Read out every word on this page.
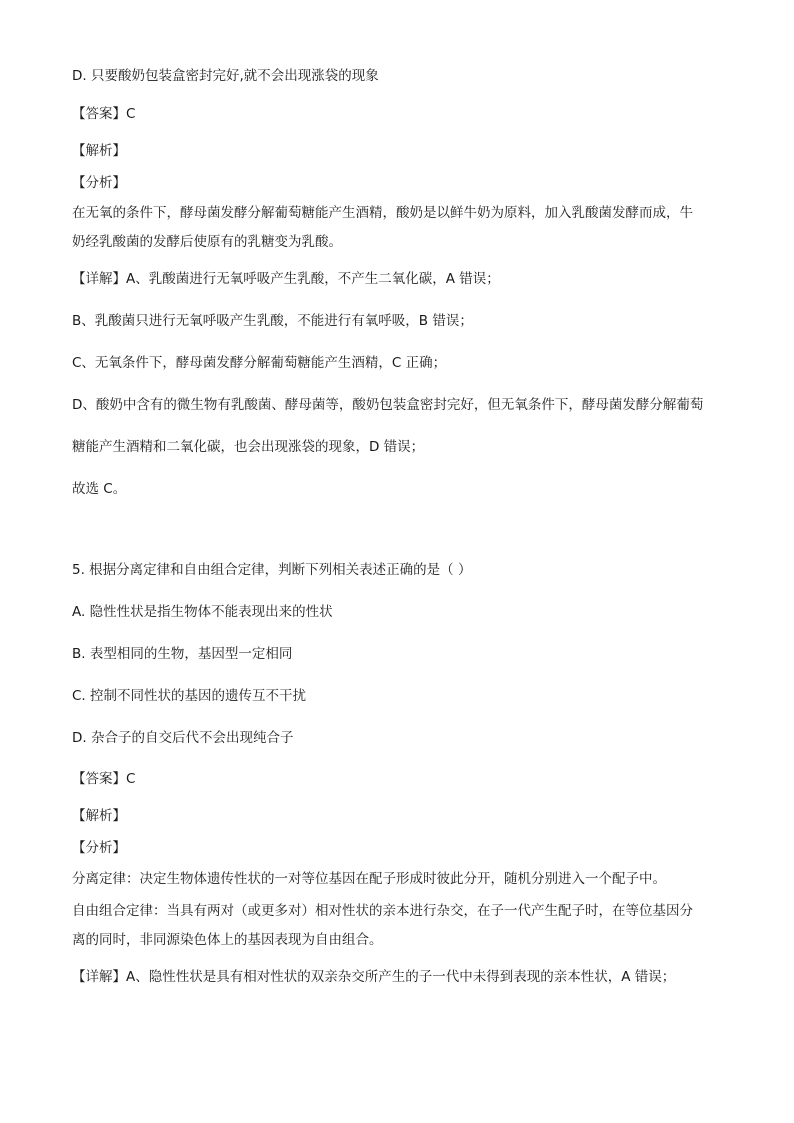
D. 只要酸奶包装盒密封完好,就不会出现涨袋的现象
【答案】C
【解析】
【分析】
在无氧的条件下，酵母菌发酵分解葡萄糖能产生酒精，酸奶是以鲜牛奶为原料，加入乳酸菌发酵而成，牛
奶经乳酸菌的发酵后使原有的乳糖变为乳酸。
【详解】A、乳酸菌进行无氧呼吸产生乳酸，不产生二氧化碳，A 错误；
B、乳酸菌只进行无氧呼吸产生乳酸，不能进行有氧呼吸，B 错误；
C、无氧条件下，酵母菌发酵分解葡萄糖能产生酒精，C 正确；
D、酸奶中含有的微生物有乳酸菌、酵母菌等，酸奶包装盒密封完好，但无氧条件下，酵母菌发酵分解葡萄
糖能产生酒精和二氧化碳，也会出现涨袋的现象，D 错误；
故选 C。
5. 根据分离定律和自由组合定律，判断下列相关表述正确的是（ ）
A. 隐性性状是指生物体不能表现出来的性状
B. 表型相同的生物，基因型一定相同
C. 控制不同性状的基因的遗传互不干扰
D. 杂合子的自交后代不会出现纯合子
【答案】C
【解析】
【分析】
分离定律：决定生物体遗传性状的一对等位基因在配子形成时彼此分开，随机分别进入一个配子中。
自由组合定律：当具有两对（或更多对）相对性状的亲本进行杂交，在子一代产生配子时，在等位基因分
离的同时，非同源染色体上的基因表现为自由组合。
【详解】A、隐性性状是具有相对性状的双亲杂交所产生的子一代中未得到表现的亲本性状，A 错误；
